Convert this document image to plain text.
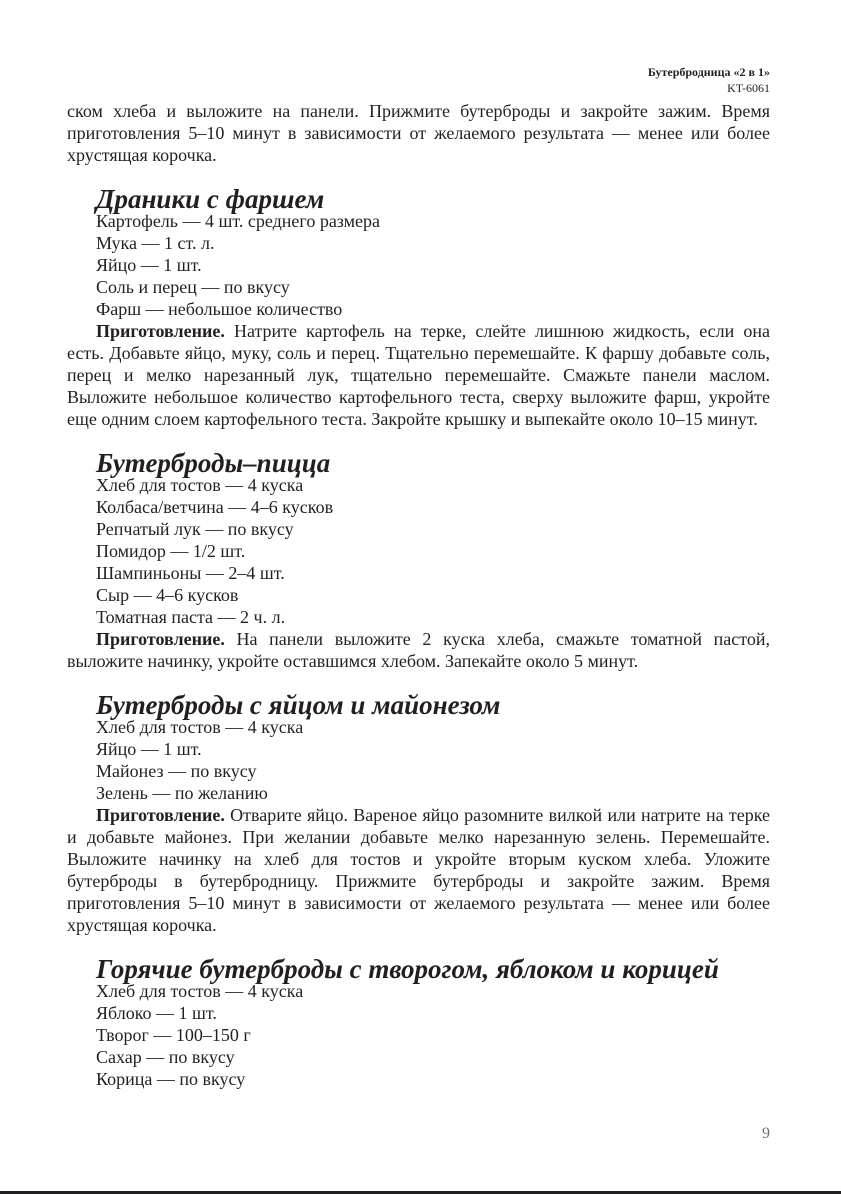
Бутербродница «2 в 1»
KT-6061

ском хлеба и выложите на панели. Прижмите бутерброды и закройте зажим. Время приготовления 5–10 минут в зависимости от желаемого результата — менее или более хрустящая корочка.

Драники с фаршем
Картофель — 4 шт. среднего размера
Мука — 1 ст. л.
Яйцо — 1 шт.
Соль и перец — по вкусу
Фарш — небольшое количество

Приготовление. Натрите картофель на терке, слейте лишнюю жидкость, если она есть. Добавьте яйцо, муку, соль и перец. Тщательно перемешайте. К фаршу добавьте соль, перец и мелко нарезанный лук, тщательно перемешайте. Смажьте панели маслом. Выложите небольшое количество картофельного теста, сверху выложите фарш, укройте еще одним слоем картофельного теста. Закройте крышку и выпекайте около 10–15 минут.

Бутерброды–пицца
Хлеб для тостов — 4 куска
Колбаса/ветчина — 4–6 кусков
Репчатый лук — по вкусу
Помидор — 1/2 шт.
Шампиньоны — 2–4 шт.
Сыр — 4–6 кусков
Томатная паста — 2 ч. л.

Приготовление. На панели выложите 2 куска хлеба, смажьте томатной пастой, выложите начинку, укройте оставшимся хлебом. Запекайте около 5 минут.

Бутерброды с яйцом и майонезом
Хлеб для тостов — 4 куска
Яйцо — 1 шт.
Майонез — по вкусу
Зелень — по желанию

Приготовление. Отварите яйцо. Вареное яйцо разомните вилкой или натрите на терке и добавьте майонез. При желании добавьте мелко нарезанную зелень. Перемешайте. Выложите начинку на хлеб для тостов и укройте вторым куском хлеба. Уложите бутерброды в бутербродницу. Прижмите бутерброды и закройте зажим. Время приготовления 5–10 минут в зависимости от желаемого результата — менее или более хрустящая корочка.

Горячие бутерброды с творогом, яблоком и корицей
Хлеб для тостов — 4 куска
Яблоко — 1 шт.
Творог — 100–150 г
Сахар — по вкусу
Корица — по вкусу
9
